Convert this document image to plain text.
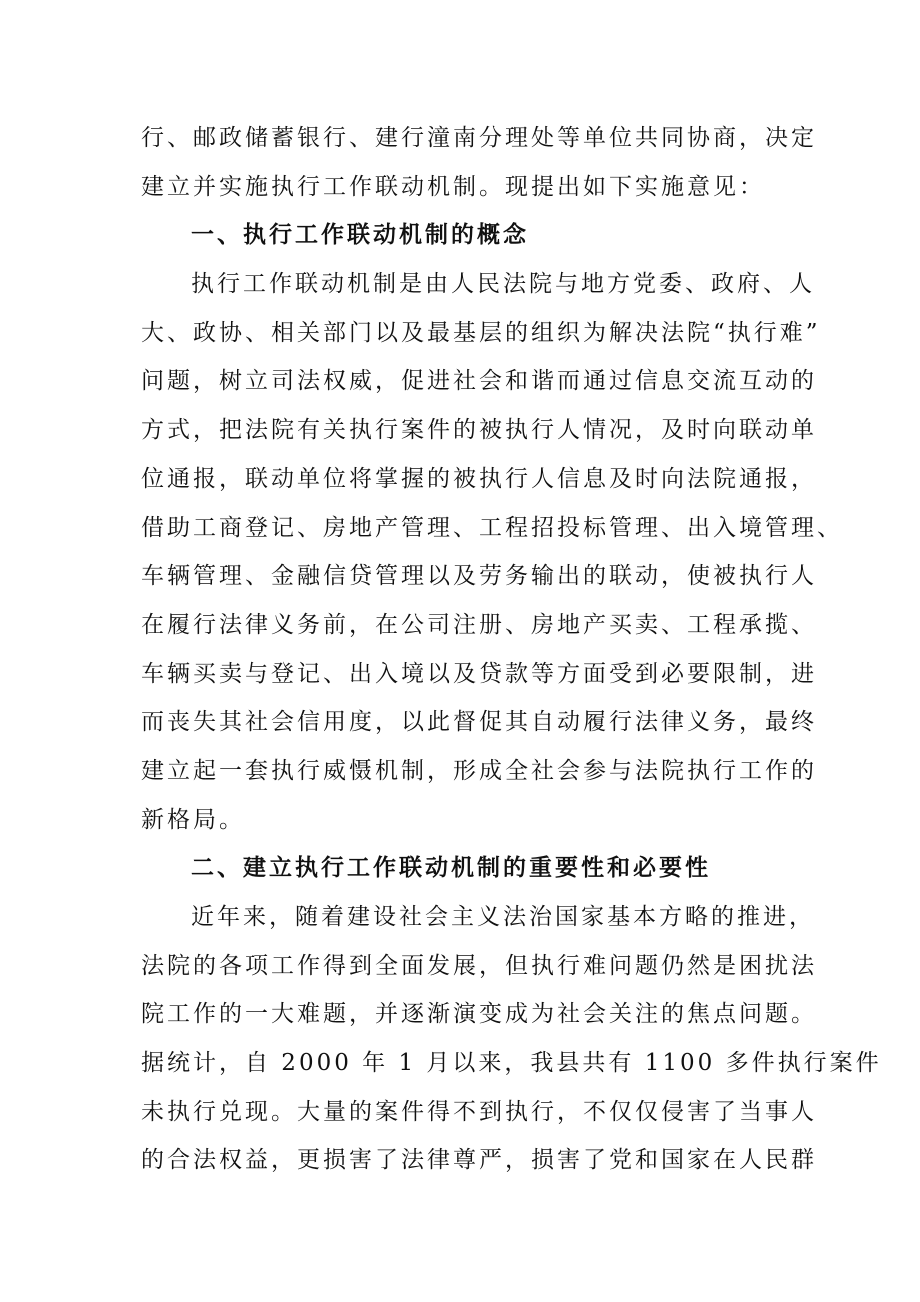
行、邮政储蓄银行、建行潼南分理处等单位共同协商，决定
建立并实施执行工作联动机制。现提出如下实施意见：
一、执行工作联动机制的概念
执行工作联动机制是由人民法院与地方党委、政府、人
大、政协、相关部门以及最基层的组织为解决法院“执行难”
问题，树立司法权威，促进社会和谐而通过信息交流互动的
方式，把法院有关执行案件的被执行人情况，及时向联动单
位通报，联动单位将掌握的被执行人信息及时向法院通报，
借助工商登记、房地产管理、工程招投标管理、出入境管理、
车辆管理、金融信贷管理以及劳务输出的联动，使被执行人
在履行法律义务前，在公司注册、房地产买卖、工程承揽、
车辆买卖与登记、出入境以及贷款等方面受到必要限制，进
而丧失其社会信用度，以此督促其自动履行法律义务，最终
建立起一套执行威慑机制，形成全社会参与法院执行工作的
新格局。
二、建立执行工作联动机制的重要性和必要性
近年来，随着建设社会主义法治国家基本方略的推进，
法院的各项工作得到全面发展，但执行难问题仍然是困扰法
院工作的一大难题，并逐渐演变成为社会关注的焦点问题。
据统计，自 2000 年 1 月以来，我县共有 1100 多件执行案件
未执行兑现。大量的案件得不到执行，不仅仅侵害了当事人
的合法权益，更损害了法律尊严，损害了党和国家在人民群
